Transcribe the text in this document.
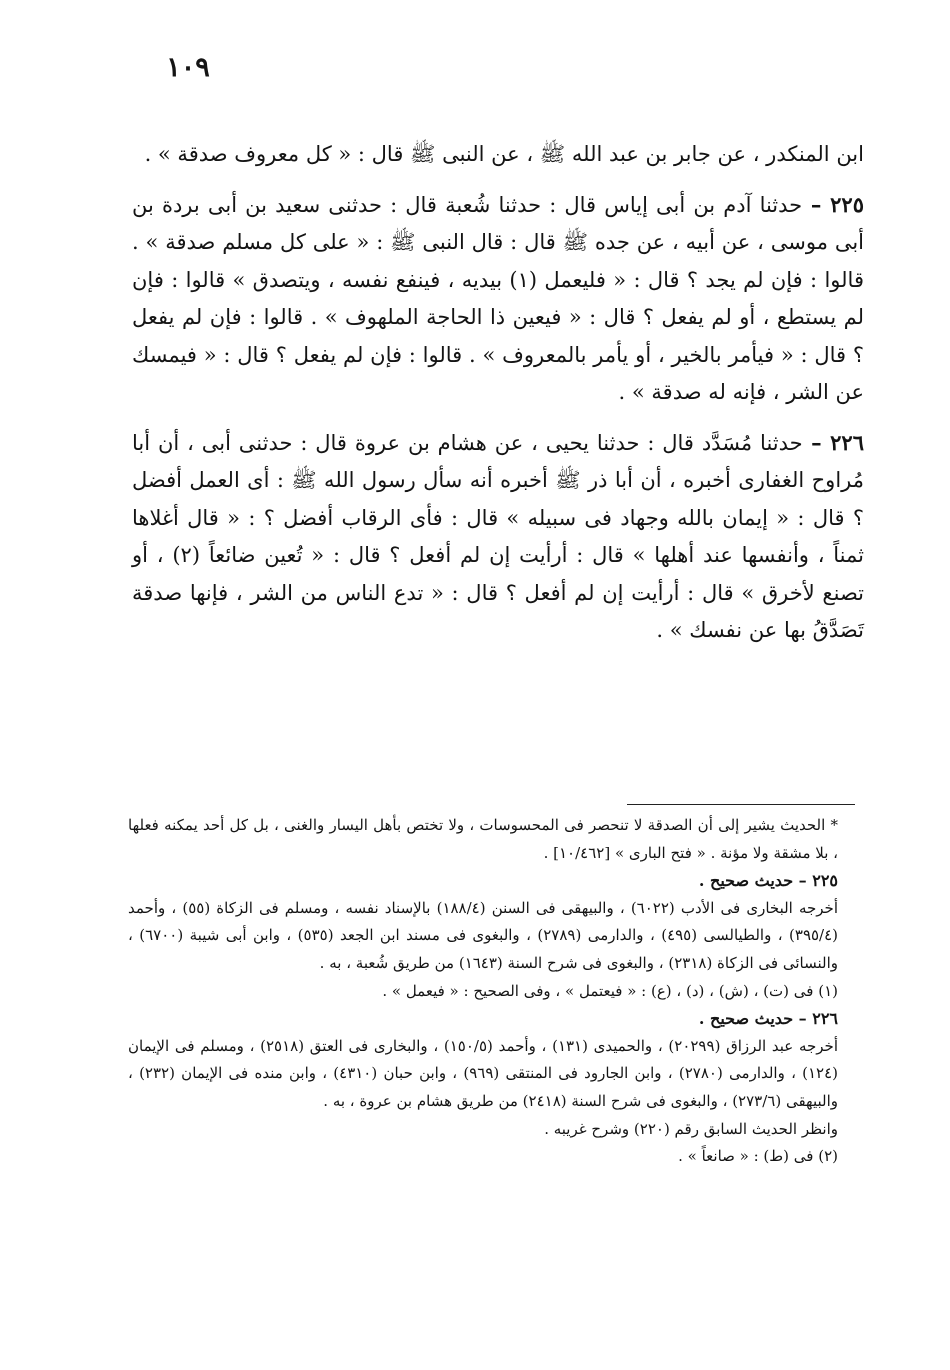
١٠٩

ابن المنكدر ، عن جابر بن عبد الله ﷺ ، عن النبى ﷺ قال : « كل معروف صدقة » .

٢٢٥ – حدثنا آدم بن أبى إياس قال : حدثنا شُعبة قال : حدثنى سعيد بن أبى بردة بن أبى موسى ، عن أبيه ، عن جده ﷺ قال : قال النبى ﷺ : « على كل مسلم صدقة » . قالوا : فإن لم يجد ؟ قال : « فليعمل (١) بيديه ، فينفع نفسه ، ويتصدق » قالوا : فإن لم يستطع ، أو لم يفعل ؟ قال : « فيعين ذا الحاجة الملهوف » . قالوا : فإن لم يفعل ؟ قال : « فيأمر بالخير ، أو يأمر بالمعروف » . قالوا : فإن لم يفعل ؟ قال : « فيمسك عن الشر ، فإنه له صدقة » .

٢٢٦ – حدثنا مُسَدَّد قال : حدثنا يحيى ، عن هشام بن عروة قال : حدثنى أبى ، أن أبا مُراوح الغفارى أخبره ، أن أبا ذر ﷺ أخبره أنه سأل رسول الله ﷺ : أى العمل أفضل ؟ قال : « إيمان بالله وجهاد فى سبيله » قال : فأى الرقاب أفضل ؟ : « قال أغلاها ثمناً ، وأنفسها عند أهلها » قال : أرأيت إن لم أفعل ؟ قال : « تُعين ضائعاً (٢) ، أو تصنع لأخرق » قال : أرأيت إن لم أفعل ؟ قال : « تدع الناس من الشر ، فإنها صدقة تَصَدَّقُ بها عن نفسك » .

* الحديث يشير إلى أن الصدقة لا تنحصر فى المحسوسات ، ولا تختص بأهل اليسار والغنى ، بل كل أحد يمكنه فعلها ، بلا مشقة ولا مؤنة . « فتح البارى » [١٠/٤٦٢] .

٢٢٥ – حديث صحيح .

أخرجه البخارى فى الأدب (٦٠٢٢) ، والبيهقى فى السنن (١٨٨/٤) بالإسناد نفسه ، ومسلم فى الزكاة (٥٥) ، وأحمد (٣٩٥/٤) ، والطيالسى (٤٩٥) ، والدارمى (٢٧٨٩) ، والبغوى فى مسند ابن الجعد (٥٣٥) ، وابن أبى شيبة (٦٧٠٠) ، والنسائى فى الزكاة (٢٣١٨) ، والبغوى فى شرح السنة (١٦٤٣) من طريق شُعبة ، به .

(١) فى (ت) ، (ش) ، (د) ، (ع) : « فيعتمل » ، وفى الصحيح : « فيعمل » .

٢٢٦ – حديث صحيح .

أخرجه عبد الرزاق (٢٠٢٩٩) ، والحميدى (١٣١) ، وأحمد (١٥٠/٥) ، والبخارى فى العتق (٢٥١٨) ، ومسلم فى الإيمان (١٢٤) ، والدارمى (٢٧٨٠) ، وابن الجارود فى المنتقى (٩٦٩) ، وابن حبان (٤٣١٠) ، وابن منده فى الإيمان (٢٣٢) ، والبيهقى (٢٧٣/٦) ، والبغوى فى شرح السنة (٢٤١٨) من طريق هشام بن عروة ، به .

وانظر الحديث السابق رقم (٢٢٠) وشرح غريبه .

(٢) فى (ط) : « صانعاً » .
